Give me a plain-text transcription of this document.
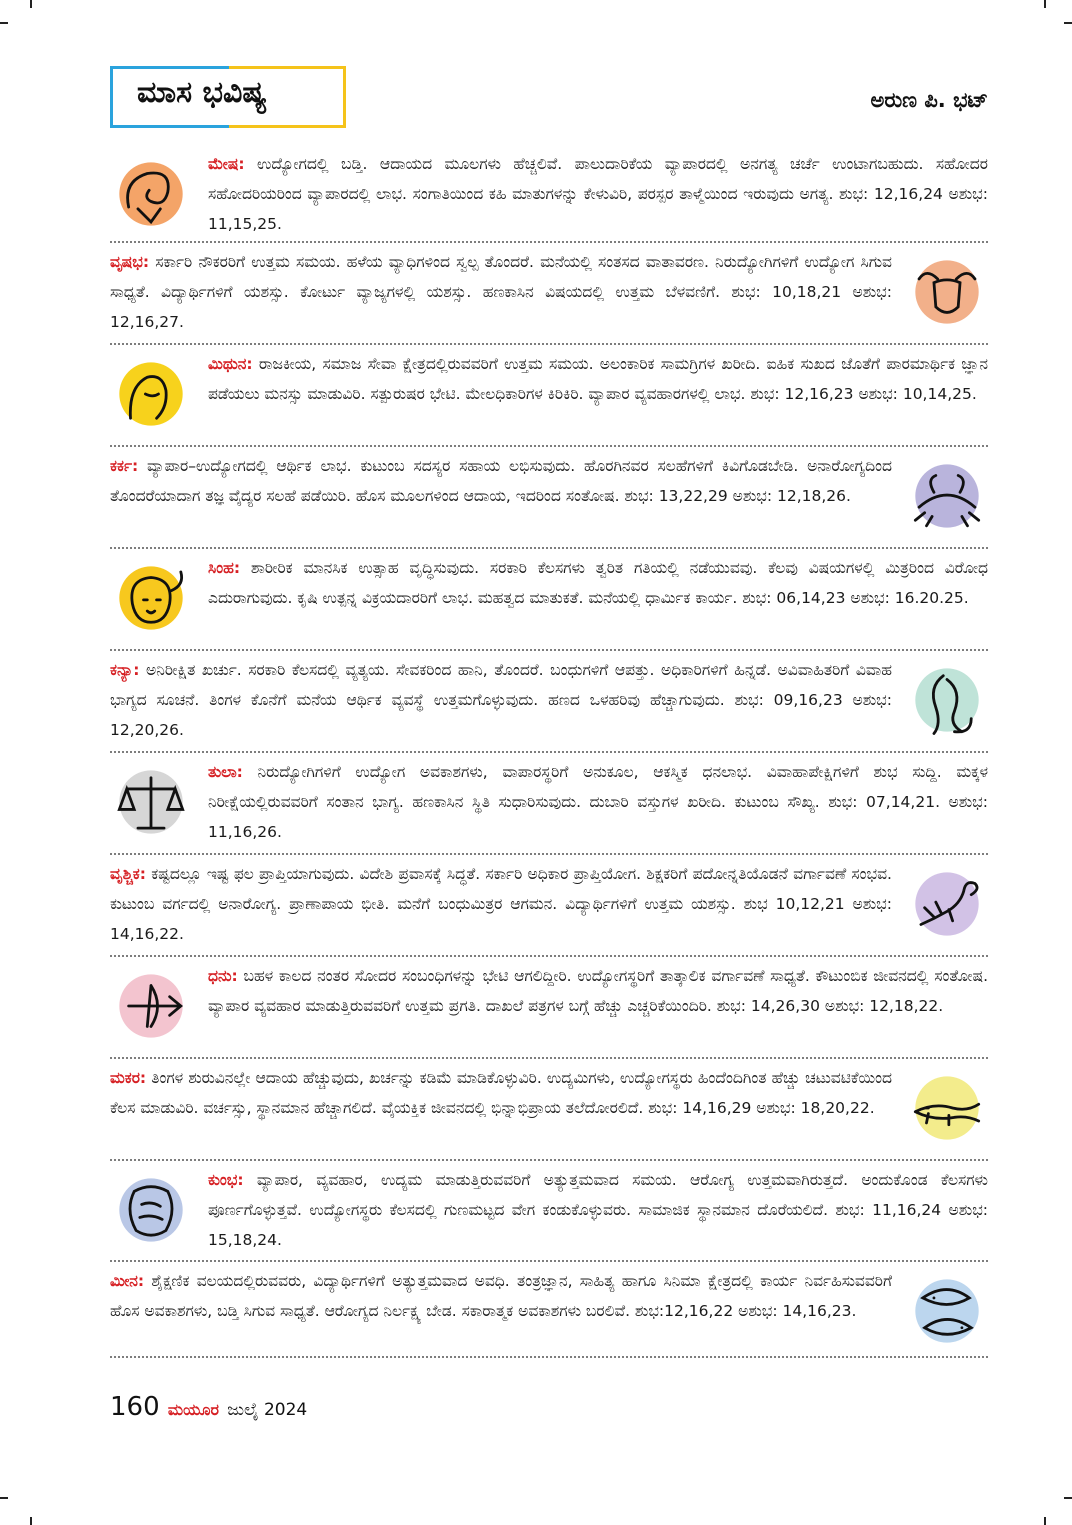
ಮಾಸ ಭವಿಷ್ಯ	ಅರುಣ ಪಿ. ಭಟ್
ಮೇಷ: ಉದ್ಯೋಗದಲ್ಲಿ ಬಡ್ತಿ. ಆದಾಯದ ಮೂಲಗಳು ಹೆಚ್ಚಲಿವೆ. ಪಾಲುದಾರಿಕೆಯ ವ್ಯಾಪಾರದಲ್ಲಿ ಅನಗತ್ಯ ಚರ್ಚೆ ಉಂಟಾಗಬಹುದು. ಸಹೋದರ ಸಹೋದರಿಯರಿಂದ ವ್ಯಾಪಾರದಲ್ಲಿ ಲಾಭ. ಸಂಗಾತಿಯಿಂದ ಕಹಿ ಮಾತುಗಳನ್ನು ಕೇಳುವಿರಿ, ಪರಸ್ಪರ ತಾಳ್ಮೆಯಿಂದ ಇರುವುದು ಅಗತ್ಯ. ಶುಭ: 12,16,24 ಅಶುಭ: 11,15,25.
ವೃಷಭ: ಸರ್ಕಾರಿ ನೌಕರರಿಗೆ ಉತ್ತಮ ಸಮಯ. ಹಳೆಯ ವ್ಯಾಧಿಗಳಿಂದ ಸ್ವಲ್ಪ ತೊಂದರೆ. ಮನೆಯಲ್ಲಿ ಸಂತಸದ ವಾತಾವರಣ. ನಿರುದ್ಯೋಗಿಗಳಿಗೆ ಉದ್ಯೋಗ ಸಿಗುವ ಸಾಧ್ಯತೆ. ವಿದ್ಯಾರ್ಥಿಗಳಿಗೆ ಯಶಸ್ಸು. ಕೋರ್ಟು ವ್ಯಾಜ್ಯಗಳಲ್ಲಿ ಯಶಸ್ಸು. ಹಣಕಾಸಿನ ವಿಷಯದಲ್ಲಿ ಉತ್ತಮ ಬೆಳವಣಿಗೆ. ಶುಭ: 10,18,21 ಅಶುಭ: 12,16,27.
ಮಿಥುನ: ರಾಜಕೀಯ, ಸಮಾಜ ಸೇವಾ ಕ್ಷೇತ್ರದಲ್ಲಿರುವವರಿಗೆ ಉತ್ತಮ ಸಮಯ. ಅಲಂಕಾರಿಕ ಸಾಮಗ್ರಿಗಳ ಖರೀದಿ. ಐಹಿಕ ಸುಖದ ಜೊತೆಗೆ ಪಾರಮಾರ್ಥಿಕ ಜ್ಞಾನ ಪಡೆಯಲು ಮನಸ್ಸು ಮಾಡುವಿರಿ. ಸತ್ಪುರುಷರ ಭೇಟಿ. ಮೇಲಧಿಕಾರಿಗಳ ಕಿರಿಕಿರಿ. ವ್ಯಾಪಾರ ವ್ಯವಹಾರಗಳಲ್ಲಿ ಲಾಭ. ಶುಭ: 12,16,23 ಅಶುಭ: 10,14,25.
ಕರ್ಕ: ವ್ಯಾಪಾರ–ಉದ್ಯೋಗದಲ್ಲಿ ಆರ್ಥಿಕ ಲಾಭ. ಕುಟುಂಬ ಸದಸ್ಯರ ಸಹಾಯ ಲಭಿಸುವುದು. ಹೊರಗಿನವರ ಸಲಹೆಗಳಿಗೆ ಕಿವಿಗೊಡಬೇಡಿ. ಅನಾರೋಗ್ಯದಿಂದ ತೊಂದರೆಯಾದಾಗ ತಜ್ಞ ವೈದ್ಯರ ಸಲಹೆ ಪಡೆಯಿರಿ. ಹೊಸ ಮೂಲಗಳಿಂದ ಆದಾಯ, ಇದರಿಂದ ಸಂತೋಷ. ಶುಭ: 13,22,29 ಅಶುಭ: 12,18,26.
ಸಿಂಹ: ಶಾರೀರಿಕ ಮಾನಸಿಕ ಉತ್ಸಾಹ ವೃದ್ಧಿಸುವುದು. ಸರಕಾರಿ ಕೆಲಸಗಳು ತ್ವರಿತ ಗತಿಯಲ್ಲಿ ನಡೆಯುವವು. ಕೆಲವು ವಿಷಯಗಳಲ್ಲಿ ಮಿತ್ರರಿಂದ ವಿರೋಧ ಎದುರಾಗುವುದು. ಕೃಷಿ ಉತ್ಪನ್ನ ವಿಕ್ರಯದಾರರಿಗೆ ಲಾಭ. ಮಹತ್ವದ ಮಾತುಕತೆ. ಮನೆಯಲ್ಲಿ ಧಾರ್ಮಿಕ ಕಾರ್ಯ. ಶುಭ: 06,14,23 ಅಶುಭ: 16.20.25.
ಕನ್ಯಾ: ಅನಿರೀಕ್ಷಿತ ಖರ್ಚು. ಸರಕಾರಿ ಕೆಲಸದಲ್ಲಿ ವ್ಯತ್ಯಯ. ಸೇವಕರಿಂದ ಹಾನಿ, ತೊಂದರೆ. ಬಂಧುಗಳಿಗೆ ಆಪತ್ತು. ಅಧಿಕಾರಿಗಳಿಗೆ ಹಿನ್ನಡೆ. ಅವಿವಾಹಿತರಿಗೆ ವಿವಾಹ ಭಾಗ್ಯದ ಸೂಚನೆ. ತಿಂಗಳ ಕೊನೆಗೆ ಮನೆಯ ಆರ್ಥಿಕ ವ್ಯವಸ್ಥೆ ಉತ್ತಮಗೊಳ್ಳುವುದು. ಹಣದ ಒಳಹರಿವು ಹೆಚ್ಚಾಗುವುದು. ಶುಭ: 09,16,23 ಅಶುಭ: 12,20,26.
ತುಲಾ: ನಿರುದ್ಯೋಗಿಗಳಿಗೆ ಉದ್ಯೋಗ ಅವಕಾಶಗಳು, ವಾಪಾರಸ್ಥರಿಗೆ ಅನುಕೂಲ, ಆಕಸ್ಮಿಕ ಧನಲಾಭ. ವಿವಾಹಾಪೇಕ್ಷಿಗಳಿಗೆ ಶುಭ ಸುದ್ದಿ. ಮಕ್ಕಳ ನಿರೀಕ್ಷೆಯಲ್ಲಿರುವವರಿಗೆ ಸಂತಾನ ಭಾಗ್ಯ. ಹಣಕಾಸಿನ ಸ್ಥಿತಿ ಸುಧಾರಿಸುವುದು. ದುಬಾರಿ ವಸ್ತುಗಳ ಖರೀದಿ. ಕುಟುಂಬ ಸೌಖ್ಯ. ಶುಭ: 07,14,21. ಅಶುಭ: 11,16,26.
ವೃಶ್ಚಿಕ: ಕಷ್ಟದಲ್ಲೂ ಇಷ್ಟ ಫಲ ಪ್ರಾಪ್ತಿಯಾಗುವುದು. ವಿದೇಶಿ ಪ್ರವಾಸಕ್ಕೆ ಸಿದ್ಧತೆ. ಸರ್ಕಾರಿ ಅಧಿಕಾರ ಪ್ರಾಪ್ತಿಯೋಗ. ಶಿಕ್ಷಕರಿಗೆ ಪದೋನ್ನತಿಯೊಡನೆ ವರ್ಗಾವಣೆ ಸಂಭವ. ಕುಟುಂಬ ವರ್ಗದಲ್ಲಿ ಅನಾರೋಗ್ಯ. ಪ್ರಾಣಾಪಾಯ ಭೀತಿ. ಮನೆಗೆ ಬಂಧುಮಿತ್ರರ ಆಗಮನ. ವಿದ್ಯಾರ್ಥಿಗಳಿಗೆ ಉತ್ತಮ ಯಶಸ್ಸು. ಶುಭ 10,12,21 ಅಶುಭ: 14,16,22.
ಧನು: ಬಹಳ ಕಾಲದ ನಂತರ ಸೋದರ ಸಂಬಂಧಿಗಳನ್ನು ಭೇಟಿ ಆಗಲಿದ್ದೀರಿ. ಉದ್ಯೋಗಸ್ಥರಿಗೆ ತಾತ್ಕಾಲಿಕ ವರ್ಗಾವಣೆ ಸಾಧ್ಯತೆ. ಕೌಟುಂಬಿಕ ಜೀವನದಲ್ಲಿ ಸಂತೋಷ. ವ್ಯಾಪಾರ ವ್ಯವಹಾರ ಮಾಡುತ್ತಿರುವವರಿಗೆ ಉತ್ತಮ ಪ್ರಗತಿ. ದಾಖಲೆ ಪತ್ರಗಳ ಬಗ್ಗೆ ಹೆಚ್ಚು ಎಚ್ಚರಿಕೆಯಿಂದಿರಿ. ಶುಭ: 14,26,30 ಅಶುಭ: 12,18,22.
ಮಕರ: ತಿಂಗಳ ಶುರುವಿನಲ್ಲೇ ಆದಾಯ ಹೆಚ್ಚುವುದು, ಖರ್ಚನ್ನು ಕಡಿಮೆ ಮಾಡಿಕೊಳ್ಳುವಿರಿ. ಉದ್ಯಮಿಗಳು, ಉದ್ಯೋಗಸ್ಥರು ಹಿಂದೆಂದಿಗಿಂತ ಹೆಚ್ಚು ಚಟುವಟಿಕೆಯಿಂದ ಕೆಲಸ ಮಾಡುವಿರಿ. ವರ್ಚಸ್ಸು, ಸ್ಥಾನಮಾನ ಹೆಚ್ಚಾಗಲಿದೆ. ವೈಯಕ್ತಿಕ ಜೀವನದಲ್ಲಿ ಭಿನ್ನಾಭಿಪ್ರಾಯ ತಲೆದೋರಲಿದೆ. ಶುಭ: 14,16,29 ಅಶುಭ: 18,20,22.
ಕುಂಭ: ವ್ಯಾಪಾರ, ವ್ಯವಹಾರ, ಉದ್ಯಮ ಮಾಡುತ್ತಿರುವವರಿಗೆ ಅತ್ಯುತ್ತಮವಾದ ಸಮಯ. ಆರೋಗ್ಯ ಉತ್ತಮವಾಗಿರುತ್ತದೆ. ಅಂದುಕೊಂಡ ಕೆಲಸಗಳು ಪೂರ್ಣಗೊಳ್ಳುತ್ತವೆ. ಉದ್ಯೋಗಸ್ಥರು ಕೆಲಸದಲ್ಲಿ ಗುಣಮಟ್ಟದ ವೇಗ ಕಂಡುಕೊಳ್ಳುವರು. ಸಾಮಾಜಿಕ ಸ್ಥಾನಮಾನ ದೊರೆಯಲಿದೆ. ಶುಭ: 11,16,24 ಅಶುಭ: 15,18,24.
ಮೀನ: ಶೈಕ್ಷಣಿಕ ವಲಯದಲ್ಲಿರುವವರು, ವಿದ್ಯಾರ್ಥಿಗಳಿಗೆ ಅತ್ಯುತ್ತಮವಾದ ಅವಧಿ. ತಂತ್ರಜ್ಞಾನ, ಸಾಹಿತ್ಯ ಹಾಗೂ ಸಿನಿಮಾ ಕ್ಷೇತ್ರದಲ್ಲಿ ಕಾರ್ಯ ನಿರ್ವಹಿಸುವವರಿಗೆ ಹೊಸ ಅವಕಾಶಗಳು, ಬಡ್ತಿ ಸಿಗುವ ಸಾಧ್ಯತೆ. ಆರೋಗ್ಯದ ನಿರ್ಲಕ್ಷ್ಯ ಬೇಡ. ಸಕಾರಾತ್ಮಕ ಅವಕಾಶಗಳು ಬರಲಿವೆ. ಶುಭ:12,16,22 ಅಶುಭ: 14,16,23.
160 ಮಯೂರ ಜುಲೈ 2024
